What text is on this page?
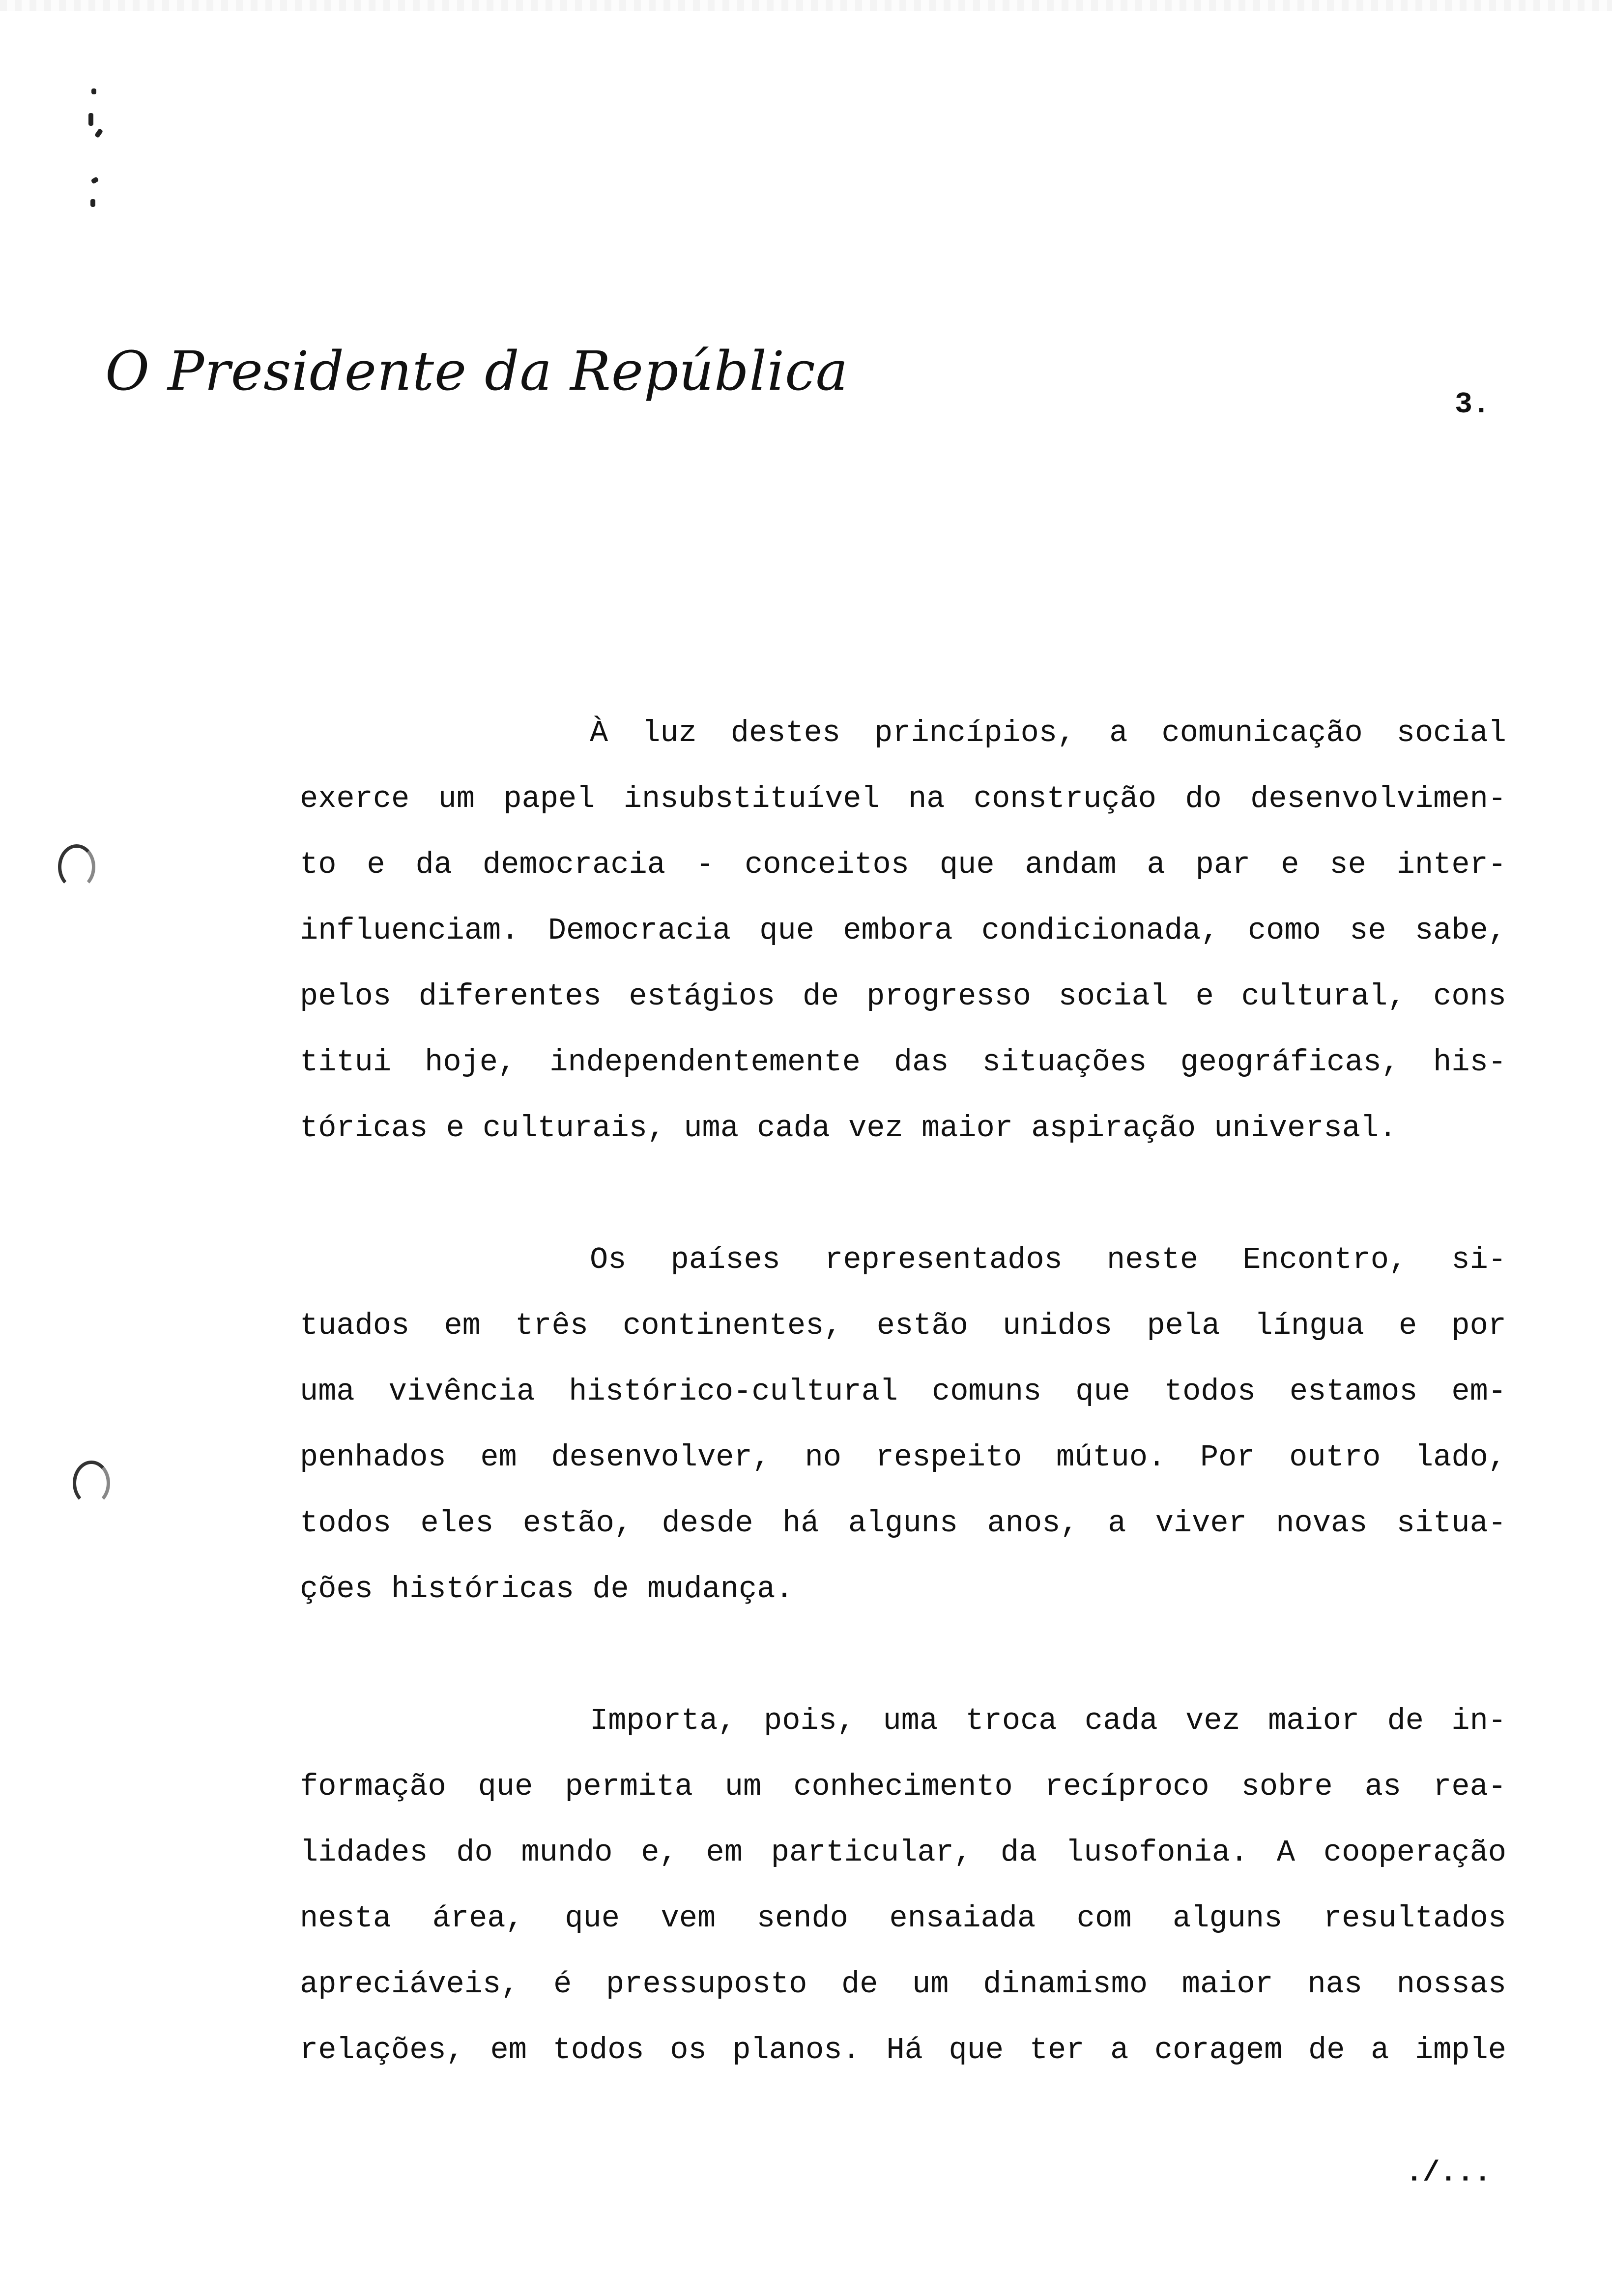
O Presidente da República
3.
À luz destes princípios, a comunicação social
exerce um papel insubstituível na construção do desenvolvimen-
to e da democracia - conceitos que andam a par e se inter-
influenciam. Democracia que embora condicionada, como se sabe,
pelos diferentes estágios de progresso social e cultural, cons
titui hoje, independentemente das situações geográficas, his-
tóricas e culturais, uma cada vez maior aspiração universal.
Os países representados neste Encontro, si-
tuados em três continentes, estão unidos pela língua e por
uma vivência histórico-cultural comuns que todos estamos em-
penhados em desenvolver, no respeito mútuo. Por outro lado,
todos eles estão, desde há alguns anos, a viver novas situa-
ções históricas de mudança.
Importa, pois, uma troca cada vez maior de in-
formação que permita um conhecimento recíproco sobre as rea-
lidades do mundo e, em particular, da lusofonia. A cooperação
nesta área, que vem sendo ensaiada com alguns resultados
apreciáveis, é pressuposto de um dinamismo maior nas nossas
relações, em todos os planos. Há que ter a coragem de a imple
./...
